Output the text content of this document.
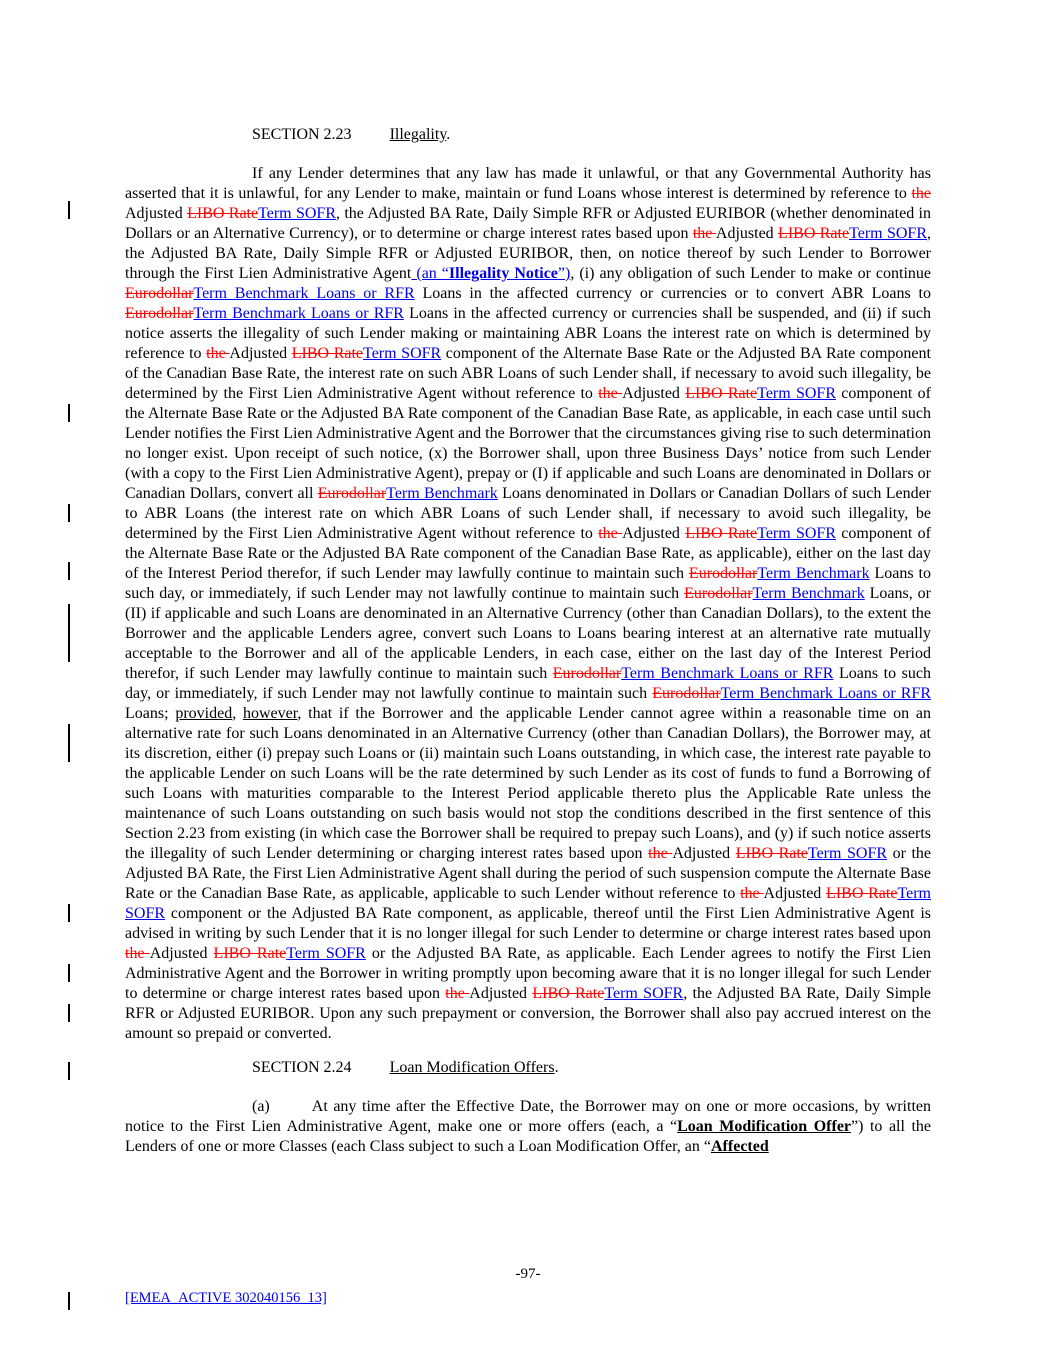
SECTION 2.23 Illegality.

If any Lender determines that any law has made it unlawful, or that any Governmental Authority has asserted that it is unlawful, for any Lender to make, maintain or fund Loans whose interest is determined by reference to the Adjusted LIBO RateTerm SOFR, the Adjusted BA Rate, Daily Simple RFR or Adjusted EURIBOR (whether denominated in Dollars or an Alternative Currency), or to determine or charge interest rates based upon the Adjusted LIBO RateTerm SOFR, the Adjusted BA Rate, Daily Simple RFR or Adjusted EURIBOR, then, on notice thereof by such Lender to Borrower through the First Lien Administrative Agent (an “Illegality Notice”), (i) any obligation of such Lender to make or continue EurodollarTerm Benchmark Loans or RFR Loans in the affected currency or currencies or to convert ABR Loans to EurodollarTerm Benchmark Loans or RFR Loans in the affected currency or currencies shall be suspended, and (ii) if such notice asserts the illegality of such Lender making or maintaining ABR Loans the interest rate on which is determined by reference to the Adjusted LIBO RateTerm SOFR component of the Alternate Base Rate or the Adjusted BA Rate component of the Canadian Base Rate, the interest rate on such ABR Loans of such Lender shall, if necessary to avoid such illegality, be determined by the First Lien Administrative Agent without reference to the Adjusted LIBO RateTerm SOFR component of the Alternate Base Rate or the Adjusted BA Rate component of the Canadian Base Rate, as applicable, in each case until such Lender notifies the First Lien Administrative Agent and the Borrower that the circumstances giving rise to such determination no longer exist. Upon receipt of such notice, (x) the Borrower shall, upon three Business Days’ notice from such Lender (with a copy to the First Lien Administrative Agent), prepay or (I) if applicable and such Loans are denominated in Dollars or Canadian Dollars, convert all EurodollarTerm Benchmark Loans denominated in Dollars or Canadian Dollars of such Lender to ABR Loans (the interest rate on which ABR Loans of such Lender shall, if necessary to avoid such illegality, be determined by the First Lien Administrative Agent without reference to the Adjusted LIBO RateTerm SOFR component of the Alternate Base Rate or the Adjusted BA Rate component of the Canadian Base Rate, as applicable), either on the last day of the Interest Period therefor, if such Lender may lawfully continue to maintain such EurodollarTerm Benchmark Loans to such day, or immediately, if such Lender may not lawfully continue to maintain such EurodollarTerm Benchmark Loans, or (II) if applicable and such Loans are denominated in an Alternative Currency (other than Canadian Dollars), to the extent the Borrower and the applicable Lenders agree, convert such Loans to Loans bearing interest at an alternative rate mutually acceptable to the Borrower and all of the applicable Lenders, in each case, either on the last day of the Interest Period therefor, if such Lender may lawfully continue to maintain such EurodollarTerm Benchmark Loans or RFR Loans to such day, or immediately, if such Lender may not lawfully continue to maintain such EurodollarTerm Benchmark Loans or RFR Loans; provided, however, that if the Borrower and the applicable Lender cannot agree within a reasonable time on an alternative rate for such Loans denominated in an Alternative Currency (other than Canadian Dollars), the Borrower may, at its discretion, either (i) prepay such Loans or (ii) maintain such Loans outstanding, in which case, the interest rate payable to the applicable Lender on such Loans will be the rate determined by such Lender as its cost of funds to fund a Borrowing of such Loans with maturities comparable to the Interest Period applicable thereto plus the Applicable Rate unless the maintenance of such Loans outstanding on such basis would not stop the conditions described in the first sentence of this Section 2.23 from existing (in which case the Borrower shall be required to prepay such Loans), and (y) if such notice asserts the illegality of such Lender determining or charging interest rates based upon the Adjusted LIBO RateTerm SOFR or the Adjusted BA Rate, the First Lien Administrative Agent shall during the period of such suspension compute the Alternate Base Rate or the Canadian Base Rate, as applicable, applicable to such Lender without reference to the Adjusted LIBO RateTerm SOFR component or the Adjusted BA Rate component, as applicable, thereof until the First Lien Administrative Agent is advised in writing by such Lender that it is no longer illegal for such Lender to determine or charge interest rates based upon the Adjusted LIBO RateTerm SOFR or the Adjusted BA Rate, as applicable. Each Lender agrees to notify the First Lien Administrative Agent and the Borrower in writing promptly upon becoming aware that it is no longer illegal for such Lender to determine or charge interest rates based upon the Adjusted LIBO RateTerm SOFR, the Adjusted BA Rate, Daily Simple RFR or Adjusted EURIBOR. Upon any such prepayment or conversion, the Borrower shall also pay accrued interest on the amount so prepaid or converted.

SECTION 2.24 Loan Modification Offers.

(a)	At any time after the Effective Date, the Borrower may on one or more occasions, by written notice to the First Lien Administrative Agent, make one or more offers (each, a “Loan Modification Offer”) to all the Lenders of one or more Classes (each Class subject to such a Loan Modification Offer, an “Affected

-97-
[EMEA_ACTIVE 302040156_13]
